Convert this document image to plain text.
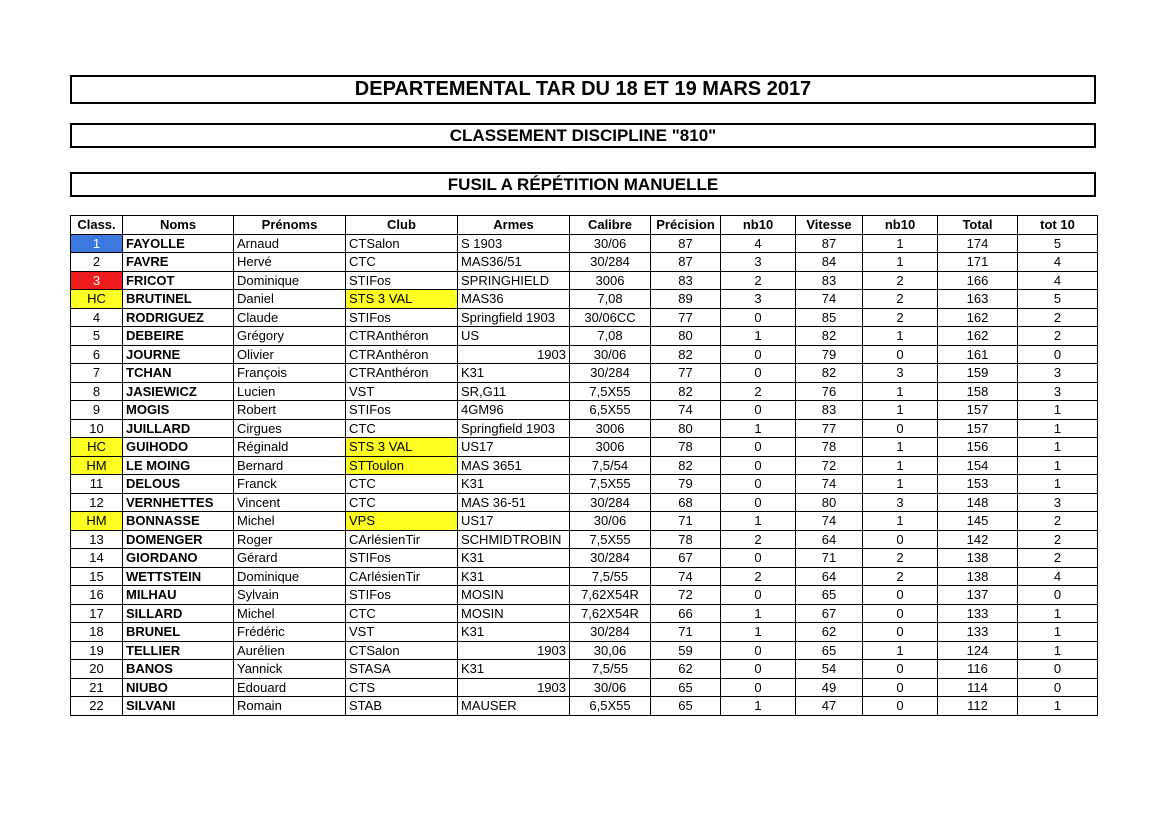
DEPARTEMENTAL TAR DU 18 ET 19 MARS 2017
CLASSEMENT DISCIPLINE "810"
FUSIL A RÉPÉTITION MANUELLE
Class.	Noms	Prénoms	Club	Armes	Calibre	Précision	nb10	Vitesse	nb10	Total	tot 10
1	FAYOLLE	Arnaud	CTSalon	S 1903	30/06	87	4	87	1	174	5
2	FAVRE	Hervé	CTC	MAS36/51	30/284	87	3	84	1	171	4
3	FRICOT	Dominique	STIFos	SPRINGHIELD	3006	83	2	83	2	166	4
HC	BRUTINEL	Daniel	STS 3 VAL	MAS36	7,08	89	3	74	2	163	5
4	RODRIGUEZ	Claude	STIFos	Springfield 1903	30/06CC	77	0	85	2	162	2
5	DEBEIRE	Grégory	CTRAnthéron	US	7,08	80	1	82	1	162	2
6	JOURNE	Olivier	CTRAnthéron	1903	30/06	82	0	79	0	161	0
7	TCHAN	François	CTRAnthéron	K31	30/284	77	0	82	3	159	3
8	JASIEWICZ	Lucien	VST	SR,G11	7,5X55	82	2	76	1	158	3
9	MOGIS	Robert	STIFos	4GM96	6,5X55	74	0	83	1	157	1
10	JUILLARD	Cirgues	CTC	Springfield 1903	3006	80	1	77	0	157	1
HC	GUIHODO	Réginald	STS 3 VAL	US17	3006	78	0	78	1	156	1
HM	LE MOING	Bernard	STToulon	MAS 3651	7,5/54	82	0	72	1	154	1
11	DELOUS	Franck	CTC	K31	7,5X55	79	0	74	1	153	1
12	VERNHETTES	Vincent	CTC	MAS 36-51	30/284	68	0	80	3	148	3
HM	BONNASSE	Michel	VPS	US17	30/06	71	1	74	1	145	2
13	DOMENGER	Roger	CArlésienTir	SCHMIDTROBIN	7,5X55	78	2	64	0	142	2
14	GIORDANO	Gérard	STIFos	K31	30/284	67	0	71	2	138	2
15	WETTSTEIN	Dominique	CArlésienTir	K31	7,5/55	74	2	64	2	138	4
16	MILHAU	Sylvain	STIFos	MOSIN	7,62X54R	72	0	65	0	137	0
17	SILLARD	Michel	CTC	MOSIN	7,62X54R	66	1	67	0	133	1
18	BRUNEL	Frédéric	VST	K31	30/284	71	1	62	0	133	1
19	TELLIER	Aurélien	CTSalon	1903	30,06	59	0	65	1	124	1
20	BANOS	Yannick	STASA	K31	7,5/55	62	0	54	0	116	0
21	NIUBO	Edouard	CTS	1903	30/06	65	0	49	0	114	0
22	SILVANI	Romain	STAB	MAUSER	6,5X55	65	1	47	0	112	1
